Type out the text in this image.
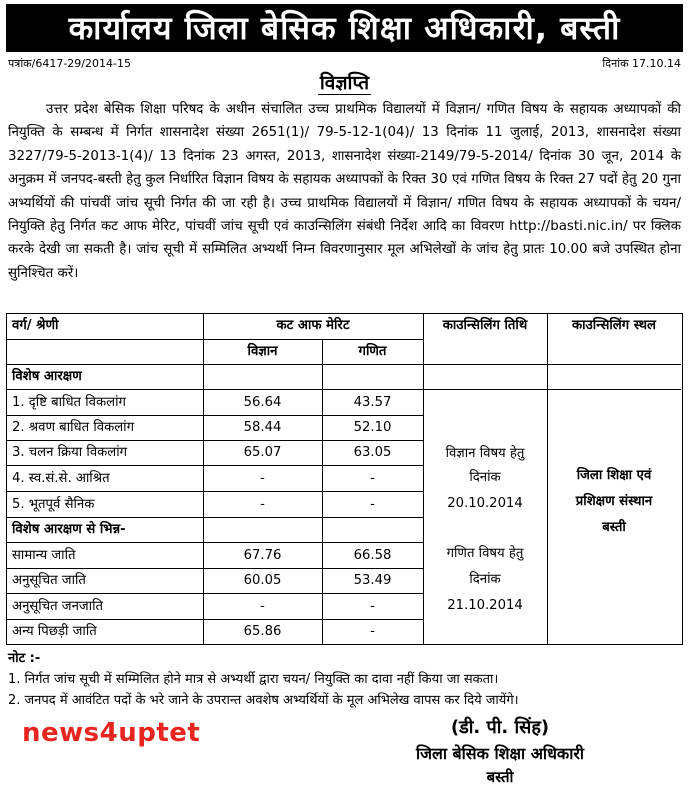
कार्यालय जिला बेसिक शिक्षा अधिकारी, बस्ती
पत्रांक/6417-29/2014-15	दिनांक 17.10.14
विज्ञप्ति

उत्तर प्रदेश बेसिक शिक्षा परिषद के अधीन संचालित उच्च प्राथमिक विद्यालयों में विज्ञान/ गणित विषय के सहायक अध्यापकों की नियुक्ति के सम्बन्ध में निर्गत शासनादेश संख्या 2651(1)/ 79-5-12-1(04)/ 13 दिनांक 11 जुलाई, 2013, शासनादेश संख्या 3227/79-5-2013-1(4)/ 13 दिनांक 23 अगस्त, 2013, शासनादेश संख्या-2149/79-5-2014/ दिनांक 30 जून, 2014 के अनुक्रम में जनपद-बस्ती हेतु कुल निर्धारित विज्ञान विषय के सहायक अध्यापकों के रिक्त 30 एवं गणित विषय के रिक्त 27 पदों हेतु 20 गुना अभ्यर्थियों की पांचवीं जांच सूची निर्गत की जा रही है। उच्च प्राथमिक विद्यालयों में विज्ञान/ गणित विषय के सहायक अध्यापकों के चयन/ नियुक्ति हेतु निर्गत कट आफ मेरिट, पांचवीं जांच सूची एवं काउन्सिलिंग संबंधी निर्देश आदि का विवरण http://basti.nic.in/ पर क्लिक करके देखी जा सकती है। जांच सूची में सम्मिलित अभ्यर्थी निम्न विवरणानुसार मूल अभिलेखों के जांच हेतु प्रातः 10.00 बजे उपस्थित होना सुनिश्चित करें।

वर्ग/ श्रेणी	कट आफ मेरिट
विज्ञान	गणित
काउन्सिलिंग तिथि	काउन्सिलिंग स्थल
विशेष आरक्षण
1. दृष्टि बाधित विकलांग	56.64	43.57
2. श्रवण बाधित विकलांग	58.44	52.10
3. चलन क्रिया विकलांग	65.07	63.05
4. स्व.सं.से. आश्रित	-	-
5. भूतपूर्व सैनिक	-	-
विशेष आरक्षण से भिन्न-
सामान्य जाति	67.76	66.58
अनुसूचित जाति	60.05	53.49
अनुसूचित जनजाति	-	-
अन्य पिछड़ी जाति	65.86	-
विज्ञान विषय हेतु
दिनांक
20.10.2014
गणित विषय हेतु
दिनांक
21.10.2014
जिला शिक्षा एवं
प्रशिक्षण संस्थान
बस्ती
नोट :-
1. निर्गत जांच सूची में सम्मिलित होने मात्र से अभ्यर्थी द्वारा चयन/ नियुक्ति का दावा नहीं किया जा सकता।
2. जनपद में आवंटित पदों के भरे जाने के उपरान्त अवशेष अभ्यर्थियों के मूल अभिलेख वापस कर दिये जायेंगे।
news4uptet	(डी. पी. सिंह)
जिला बेसिक शिक्षा अधिकारी
बस्ती
